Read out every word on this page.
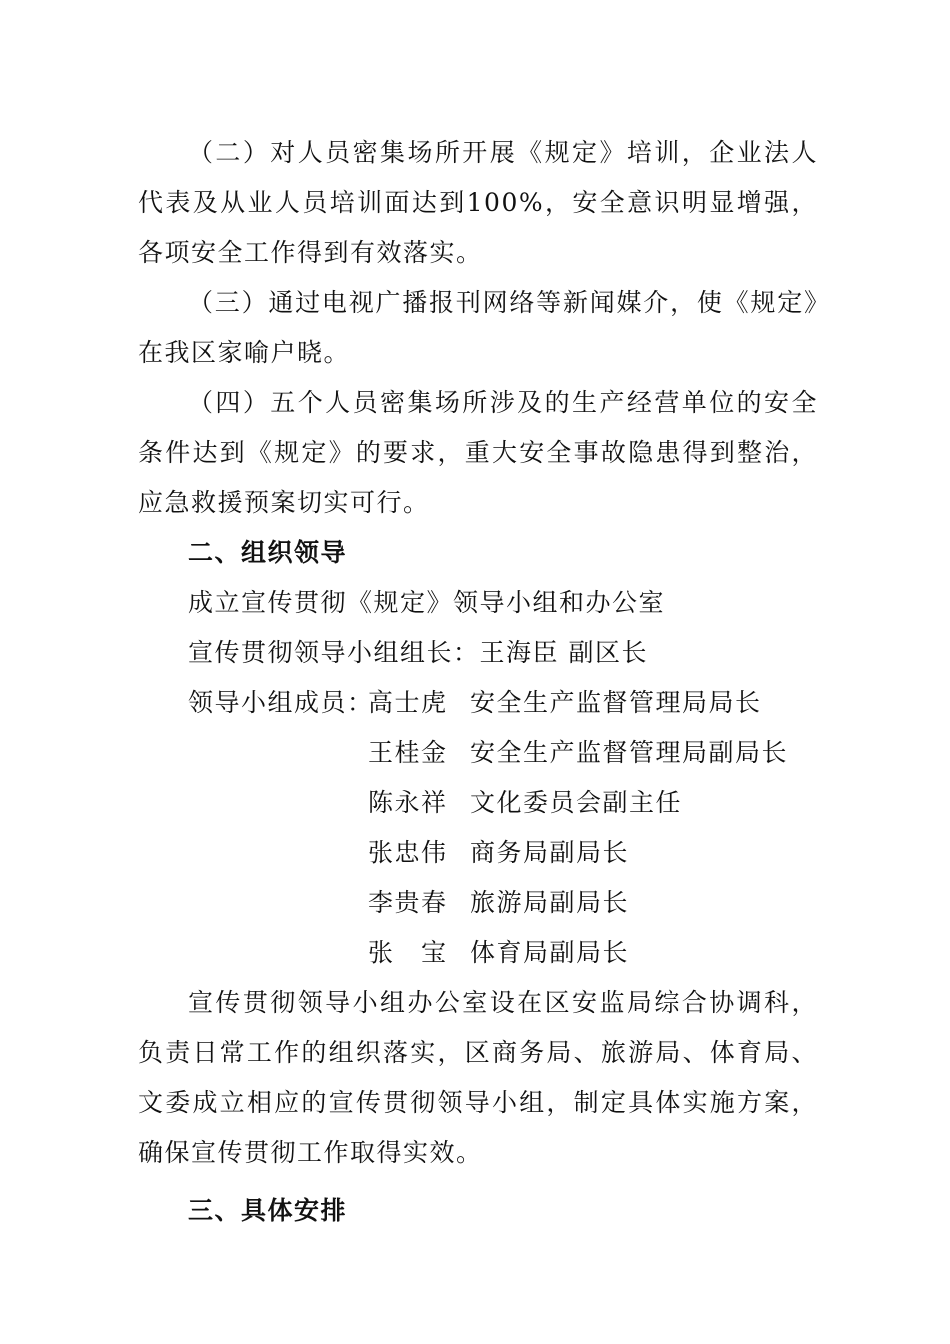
（二）对人员密集场所开展《规定》培训，企业法人代表及从业人员培训面达到100%，安全意识明显增强，各项安全工作得到有效落实。

（三）通过电视广播报刊网络等新闻媒介，使《规定》在我区家喻户晓。

（四）五个人员密集场所涉及的生产经营单位的安全条件达到《规定》的要求，重大安全事故隐患得到整治，应急救援预案切实可行。

二、组织领导

成立宣传贯彻《规定》领导小组和办公室

宣传贯彻领导小组组长：王海臣 副区长

领导小组成员：
高士虎 安全生产监督管理局局长
王桂金 安全生产监督管理局副局长
陈永祥 文化委员会副主任
张忠伟 商务局副局长
李贵春 旅游局副局长
张　宝 体育局副局长

宣传贯彻领导小组办公室设在区安监局综合协调科，负责日常工作的组织落实，区商务局、旅游局、体育局、文委成立相应的宣传贯彻领导小组，制定具体实施方案，确保宣传贯彻工作取得实效。

三、具体安排
